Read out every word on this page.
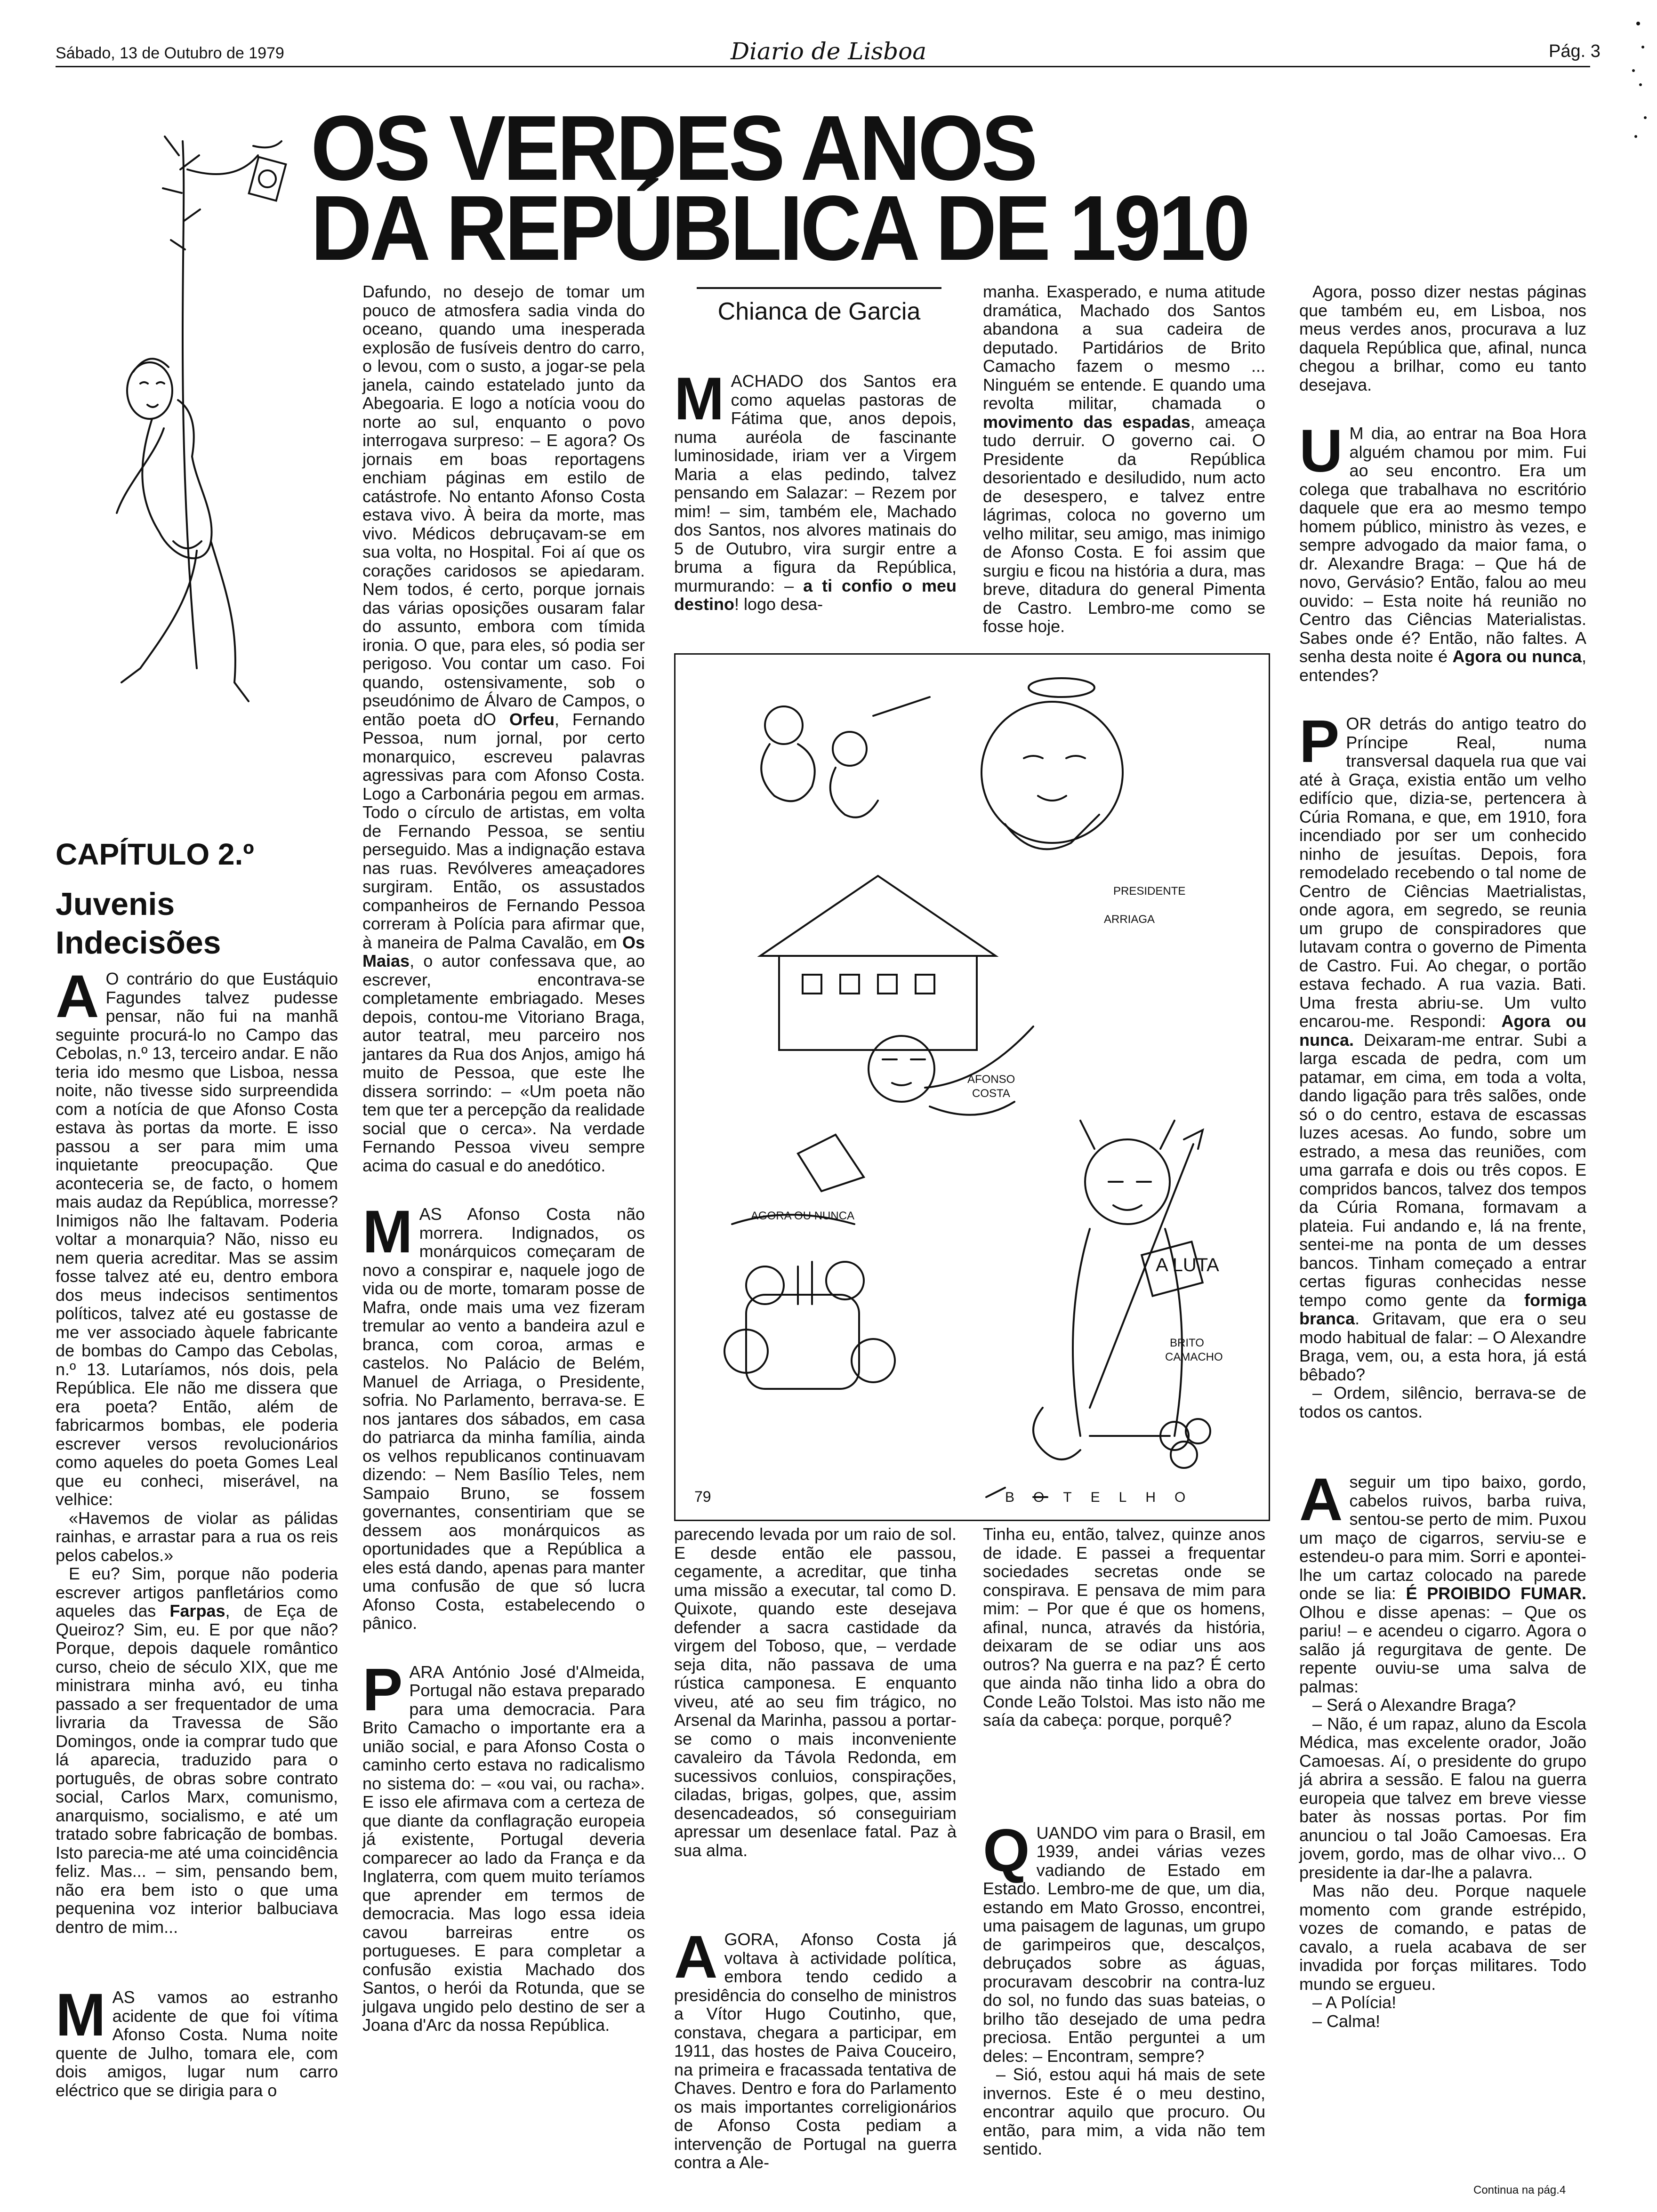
Sábado, 13 de Outubro de 1979	Diario de Lisboa	Pág. 3
OS VERDES ANOS
DA REPÚBLICA DE 1910
CAPÍTULO 2.º
Juvenis
Indecisões

A O contrário do que Eustáquio Fagundes talvez pudesse pensar, não fui na manhã seguinte procurá-lo no Campo das Cebolas, n.º 13, terceiro andar. E não teria ido mesmo que Lisboa, nessa noite, não tivesse sido surpreendida com a notícia de que Afonso Costa estava às portas da morte. E isso passou a ser para mim uma inquietante preocupação. Que aconteceria se, de facto, o homem mais audaz da República, morresse? Inimigos não lhe faltavam. Poderia voltar a monarquia? Não, nisso eu nem queria acreditar. Mas se assim fosse talvez até eu, dentro embora dos meus indecisos sentimentos políticos, talvez até eu gostasse de me ver associado àquele fabricante de bombas do Campo das Cebolas, n.º 13. Lutaríamos, nós dois, pela República. Ele não me dissera que era poeta? Então, além de fabricarmos bombas, ele poderia escrever versos revolucionários como aqueles do poeta Gomes Leal que eu conheci, miserável, na velhice:

«Havemos de violar as pálidas rainhas, e arrastar para a rua os reis pelos cabelos.»

E eu? Sim, porque não poderia escrever artigos panfletários como aqueles das Farpas, de Eça de Queiroz? Sim, eu. E por que não? Porque, depois daquele romântico curso, cheio de século XIX, que me ministrara minha avó, eu tinha passado a ser frequentador de uma livraria da Travessa de São Domingos, onde ia comprar tudo que lá aparecia, traduzido para o português, de obras sobre contrato social, Carlos Marx, comunismo, anarquismo, socialismo, e até um tratado sobre fabricação de bombas. Isto parecia-me até uma coincidência feliz. Mas... – sim, pensando bem, não era bem isto o que uma pequenina voz interior balbuciava dentro de mim...

MAS vamos ao estranho acidente de que foi vítima Afonso Costa. Numa noite quente de Julho, tomara ele, com dois amigos, lugar num carro eléctrico que se dirigia para o

Dafundo, no desejo de tomar um pouco de atmosfera sadia vinda do oceano, quando uma inesperada explosão de fusíveis dentro do carro, o levou, com o susto, a jogar-se pela janela, caindo estatelado junto da Abegoaria. E logo a notícia voou do norte ao sul, enquanto o povo interrogava surpreso: – E agora? Os jornais em boas reportagens enchiam páginas em estilo de catástrofe. No entanto Afonso Costa estava vivo. À beira da morte, mas vivo. Médicos debruçavam-se em sua volta, no Hospital. Foi aí que os corações caridosos se apiedaram. Nem todos, é certo, porque jornais das várias oposições ousaram falar do assunto, embora com tímida ironia. O que, para eles, só podia ser perigoso. Vou contar um caso. Foi quando, ostensivamente, sob o pseudónimo de Álvaro de Campos, o então poeta dO Orfeu, Fernando Pessoa, num jornal, por certo monarquico, escreveu palavras agressivas para com Afonso Costa. Logo a Carbonária pegou em armas. Todo o círculo de artistas, em volta de Fernando Pessoa, se sentiu perseguido. Mas a indignação estava nas ruas. Revólveres ameaçadores surgiram. Então, os assustados companheiros de Fernando Pessoa correram à Polícia para afirmar que, à maneira de Palma Cavalão, em Os Maias, o autor confessava que, ao escrever, encontrava-se completamente embriagado. Meses depois, contou-me Vitoriano Braga, autor teatral, meu parceiro nos jantares da Rua dos Anjos, amigo há muito de Pessoa, que este lhe dissera sorrindo: – «Um poeta não tem que ter a percepção da realidade social que o cerca». Na verdade Fernando Pessoa viveu sempre acima do casual e do anedótico.

MAS Afonso Costa não morrera. Indignados, os monárquicos começaram de novo a conspirar e, naquele jogo de vida ou de morte, tomaram posse de Mafra, onde mais uma vez fizeram tremular ao vento a bandeira azul e branca, com coroa, armas e castelos. No Palácio de Belém, Manuel de Arriaga, o Presidente, sofria. No Parlamento, berrava-se. E nos jantares dos sábados, em casa do patriarca da minha família, ainda os velhos republicanos continuavam dizendo: – Nem Basílio Teles, nem Sampaio Bruno, se fossem governantes, consentiriam que se dessem aos monárquicos as oportunidades que a República a eles está dando, apenas para manter uma confusão de que só lucra Afonso Costa, estabelecendo o pânico.

PARA António José d'Almeida, Portugal não estava preparado para uma democracia. Para Brito Camacho o importante era a união social, e para Afonso Costa o caminho certo estava no radicalismo no sistema do: – «ou vai, ou racha». E isso ele afirmava com a certeza de que diante da conflagração europeia já existente, Portugal deveria comparecer ao lado da França e da Inglaterra, com quem muito teríamos que aprender em termos de democracia. Mas logo essa ideia cavou barreiras entre os portugueses. E para completar a confusão existia Machado dos Santos, o herói da Rotunda, que se julgava ungido pelo destino de ser a Joana d'Arc da nossa República.

Chianca de Garcia

MACHADO dos Santos era como aquelas pastoras de Fátima que, anos depois, numa auréola de fascinante luminosidade, iriam ver a Virgem Maria a elas pedindo, talvez pensando em Salazar: – Rezem por mim! – sim, também ele, Machado dos Santos, nos alvores matinais do 5 de Outubro, vira surgir entre a bruma a figura da República, murmurando: – a ti confio o meu destino! logo desa-

manha. Exasperado, e numa atitude dramática, Machado dos Santos abandona a sua cadeira de deputado. Partidários de Brito Camacho fazem o mesmo ... Ninguém se entende. E quando uma revolta militar, chamada o movimento das espadas, ameaça tudo derruir. O governo cai. O Presidente da República desorientado e desiludido, num acto de desespero, e talvez entre lágrimas, coloca no governo um velho militar, seu amigo, mas inimigo de Afonso Costa. E foi assim que surgiu e ficou na história a dura, mas breve, ditadura do general Pimenta de Castro. Lembro-me como se fosse hoje.

PRESIDENTE
ARRIAGA
AFONSO
COSTA
AGORA OU NUNCA
A LUTA
BRITO
CAMACHO
79	BOTELHO

parecendo levada por um raio de sol. E desde então ele passou, cegamente, a acreditar, que tinha uma missão a executar, tal como D. Quixote, quando este desejava defender a sacra castidade da virgem del Toboso, que, – verdade seja dita, não passava de uma rústica camponesa. E enquanto viveu, até ao seu fim trágico, no Arsenal da Marinha, passou a portar-se como o mais inconveniente cavaleiro da Távola Redonda, em sucessivos conluios, conspirações, ciladas, brigas, golpes, que, assim desencadeados, só conseguiriam apressar um desenlace fatal. Paz à sua alma.

AGORA, Afonso Costa já voltava à actividade política, embora tendo cedido a presidência do conselho de ministros a Vítor Hugo Coutinho, que, constava, chegara a participar, em 1911, das hostes de Paiva Couceiro, na primeira e fracassada tentativa de Chaves. Dentro e fora do Parlamento os mais importantes correligionários de Afonso Costa pediam a intervenção de Portugal na guerra contra a Ale-

Tinha eu, então, talvez, quinze anos de idade. E passei a frequentar sociedades secretas onde se conspirava. E pensava de mim para mim: – Por que é que os homens, afinal, nunca, através da história, deixaram de se odiar uns aos outros? Na guerra e na paz? É certo que ainda não tinha lido a obra do Conde Leão Tolstoi. Mas isto não me saía da cabeça: porque, porquê?

QUANDO vim para o Brasil, em 1939, andei várias vezes vadiando de Estado em Estado. Lembro-me de que, um dia, estando em Mato Grosso, encontrei, uma paisagem de lagunas, um grupo de garimpeiros que, descalços, debruçados sobre as águas, procuravam descobrir na contra-luz do sol, no fundo das suas bateias, o brilho tão desejado de uma pedra preciosa. Então perguntei a um deles: – Encontram, sempre?

– Sió, estou aqui há mais de sete invernos. Este é o meu destino, encontrar aquilo que procuro. Ou então, para mim, a vida não tem sentido.

Agora, posso dizer nestas páginas que também eu, em Lisboa, nos meus verdes anos, procurava a luz daquela República que, afinal, nunca chegou a brilhar, como eu tanto desejava.

U M dia, ao entrar na Boa Hora alguém chamou por mim. Fui ao seu encontro. Era um colega que trabalhava no escritório daquele que era ao mesmo tempo homem público, ministro às vezes, e sempre advogado da maior fama, o dr. Alexandre Braga: – Que há de novo, Gervásio? Então, falou ao meu ouvido: – Esta noite há reunião no Centro das Ciências Materialistas. Sabes onde é? Então, não faltes. A senha desta noite é Agora ou nunca, entendes?

POR detrás do antigo teatro do Príncipe Real, numa transversal daquela rua que vai até à Graça, existia então um velho edifício que, dizia-se, pertencera à Cúria Romana, e que, em 1910, fora incendiado por ser um conhecido ninho de jesuítas. Depois, fora remodelado recebendo o tal nome de Centro de Ciências Maetrialistas, onde agora, em segredo, se reunia um grupo de conspiradores que lutavam contra o governo de Pimenta de Castro. Fui. Ao chegar, o portão estava fechado. A rua vazia. Bati. Uma fresta abriu-se. Um vulto encarou-me. Respondi: Agora ou nunca. Deixaram-me entrar. Subi a larga escada de pedra, com um patamar, em cima, em toda a volta, dando ligação para três salões, onde só o do centro, estava de escassas luzes acesas. Ao fundo, sobre um estrado, a mesa das reuniões, com uma garrafa e dois ou três copos. E compridos bancos, talvez dos tempos da Cúria Romana, formavam a plateia. Fui andando e, lá na frente, sentei-me na ponta de um desses bancos. Tinham começado a entrar certas figuras conhecidas nesse tempo como gente da formiga branca. Gritavam, que era o seu modo habitual de falar: – O Alexandre Braga, vem, ou, a esta hora, já está bêbado?

– Ordem, silêncio, berrava-se de todos os cantos.

Aseguir um tipo baixo, gordo, cabelos ruivos, barba ruiva, sentou-se perto de mim. Puxou um maço de cigarros, serviu-se e estendeu-o para mim. Sorri e apontei-lhe um cartaz colocado na parede onde se lia: É PROIBIDO FUMAR. Olhou e disse apenas: – Que os pariu! – e acendeu o cigarro. Agora o salão já regurgitava de gente. De repente ouviu-se uma salva de palmas:

– Será o Alexandre Braga?

– Não, é um rapaz, aluno da Escola Médica, mas excelente orador, João Camoesas. Aí, o presidente do grupo já abrira a sessão. E falou na guerra europeia que talvez em breve viesse bater às nossas portas. Por fim anunciou o tal João Camoesas. Era jovem, gordo, mas de olhar vivo... O presidente ia dar-lhe a palavra.

Mas não deu. Porque naquele momento com grande estrépido, vozes de comando, e patas de cavalo, a ruela acabava de ser invadida por forças militares. Todo mundo se ergueu.

– A Polícia!

– Calma!

Continua na pág.4
